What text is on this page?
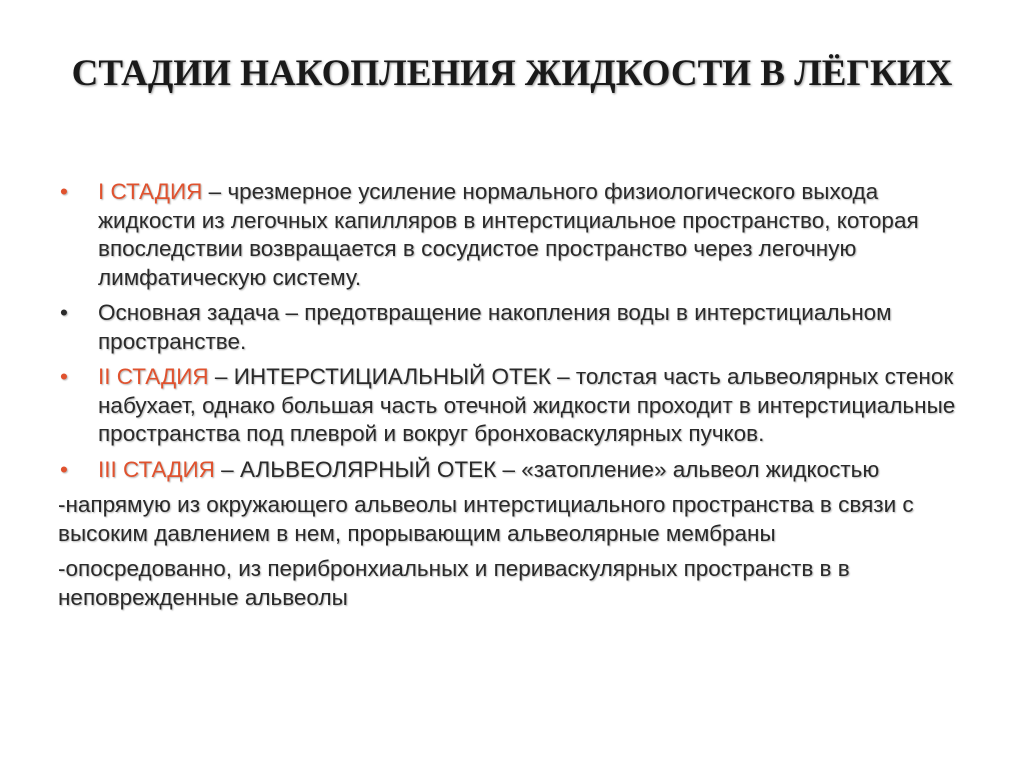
СТАДИИ НАКОПЛЕНИЯ ЖИДКОСТИ В ЛЁГКИХ
•	I СТАДИЯ – чрезмерное усиление нормального физиологического выхода жидкости из легочных капилляров в интерстициальное пространство, которая впоследствии возвращается в сосудистое пространство через легочную лимфатическую систему.
•	Основная задача – предотвращение накопления воды в интерстициальном пространстве.
•	II СТАДИЯ – ИНТЕРСТИЦИАЛЬНЫЙ ОТЕК – толстая часть альвеолярных стенок набухает, однако большая часть отечной жидкости проходит в интерстициальные пространства под плеврой и вокруг бронховаскулярных пучков.
•	III СТАДИЯ – АЛЬВЕОЛЯРНЫЙ ОТЕК – «затопление» альвеол жидкостью
-напрямую из окружающего альвеолы интерстициального пространства в связи с высоким давлением в нем, прорывающим альвеолярные мембраны
-опосредованно, из перибронхиальных и периваскулярных пространств в в неповрежденные альвеолы
